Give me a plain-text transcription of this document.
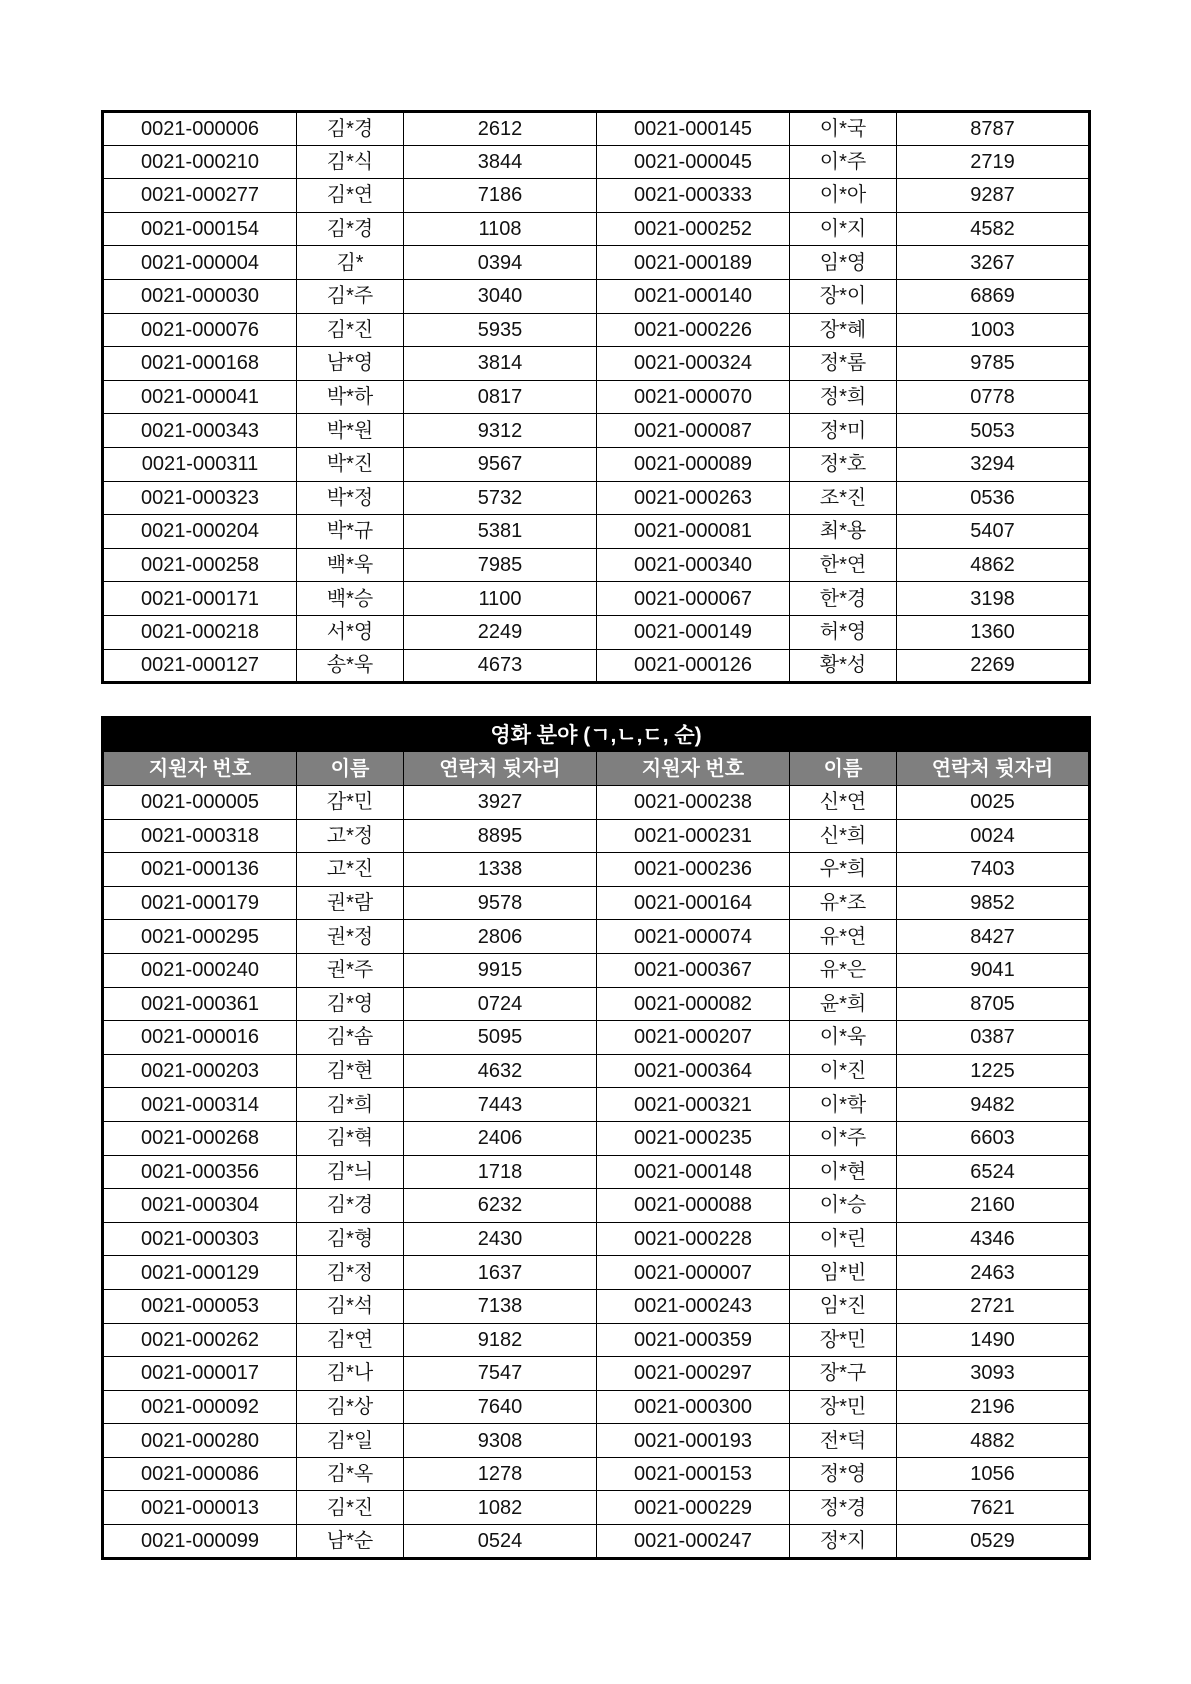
0021-000006	김*경	2612	0021-000145	이*국	8787
0021-000210	김*식	3844	0021-000045	이*주	2719
0021-000277	김*연	7186	0021-000333	이*아	9287
0021-000154	김*경	1108	0021-000252	이*지	4582
0021-000004	김*	0394	0021-000189	임*영	3267
0021-000030	김*주	3040	0021-000140	장*이	6869
0021-000076	김*진	5935	0021-000226	장*혜	1003
0021-000168	남*영	3814	0021-000324	정*롬	9785
0021-000041	박*하	0817	0021-000070	정*희	0778
0021-000343	박*원	9312	0021-000087	정*미	5053
0021-000311	박*진	9567	0021-000089	정*호	3294
0021-000323	박*정	5732	0021-000263	조*진	0536
0021-000204	박*규	5381	0021-000081	최*용	5407
0021-000258	백*욱	7985	0021-000340	한*연	4862
0021-000171	백*승	1100	0021-000067	한*경	3198
0021-000218	서*영	2249	0021-000149	허*영	1360
0021-000127	송*욱	4673	0021-000126	황*성	2269
영화 분야 (ㄱ,ㄴ,ㄷ, 순)					
지원자 번호	이름	연락처 뒷자리	지원자 번호	이름	연락처 뒷자리
0021-000005	감*민	3927	0021-000238	신*연	0025
0021-000318	고*정	8895	0021-000231	신*희	0024
0021-000136	고*진	1338	0021-000236	우*희	7403
0021-000179	권*람	9578	0021-000164	유*조	9852
0021-000295	권*정	2806	0021-000074	유*연	8427
0021-000240	권*주	9915	0021-000367	유*은	9041
0021-000361	김*영	0724	0021-000082	윤*희	8705
0021-000016	김*솜	5095	0021-000207	이*욱	0387
0021-000203	김*현	4632	0021-000364	이*진	1225
0021-000314	김*희	7443	0021-000321	이*학	9482
0021-000268	김*혁	2406	0021-000235	이*주	6603
0021-000356	김*늬	1718	0021-000148	이*현	6524
0021-000304	김*경	6232	0021-000088	이*승	2160
0021-000303	김*형	2430	0021-000228	이*린	4346
0021-000129	김*정	1637	0021-000007	임*빈	2463
0021-000053	김*석	7138	0021-000243	임*진	2721
0021-000262	김*연	9182	0021-000359	장*민	1490
0021-000017	김*나	7547	0021-000297	장*구	3093
0021-000092	김*상	7640	0021-000300	장*민	2196
0021-000280	김*일	9308	0021-000193	전*덕	4882
0021-000086	김*옥	1278	0021-000153	정*영	1056
0021-000013	김*진	1082	0021-000229	정*경	7621
0021-000099	남*순	0524	0021-000247	정*지	0529
